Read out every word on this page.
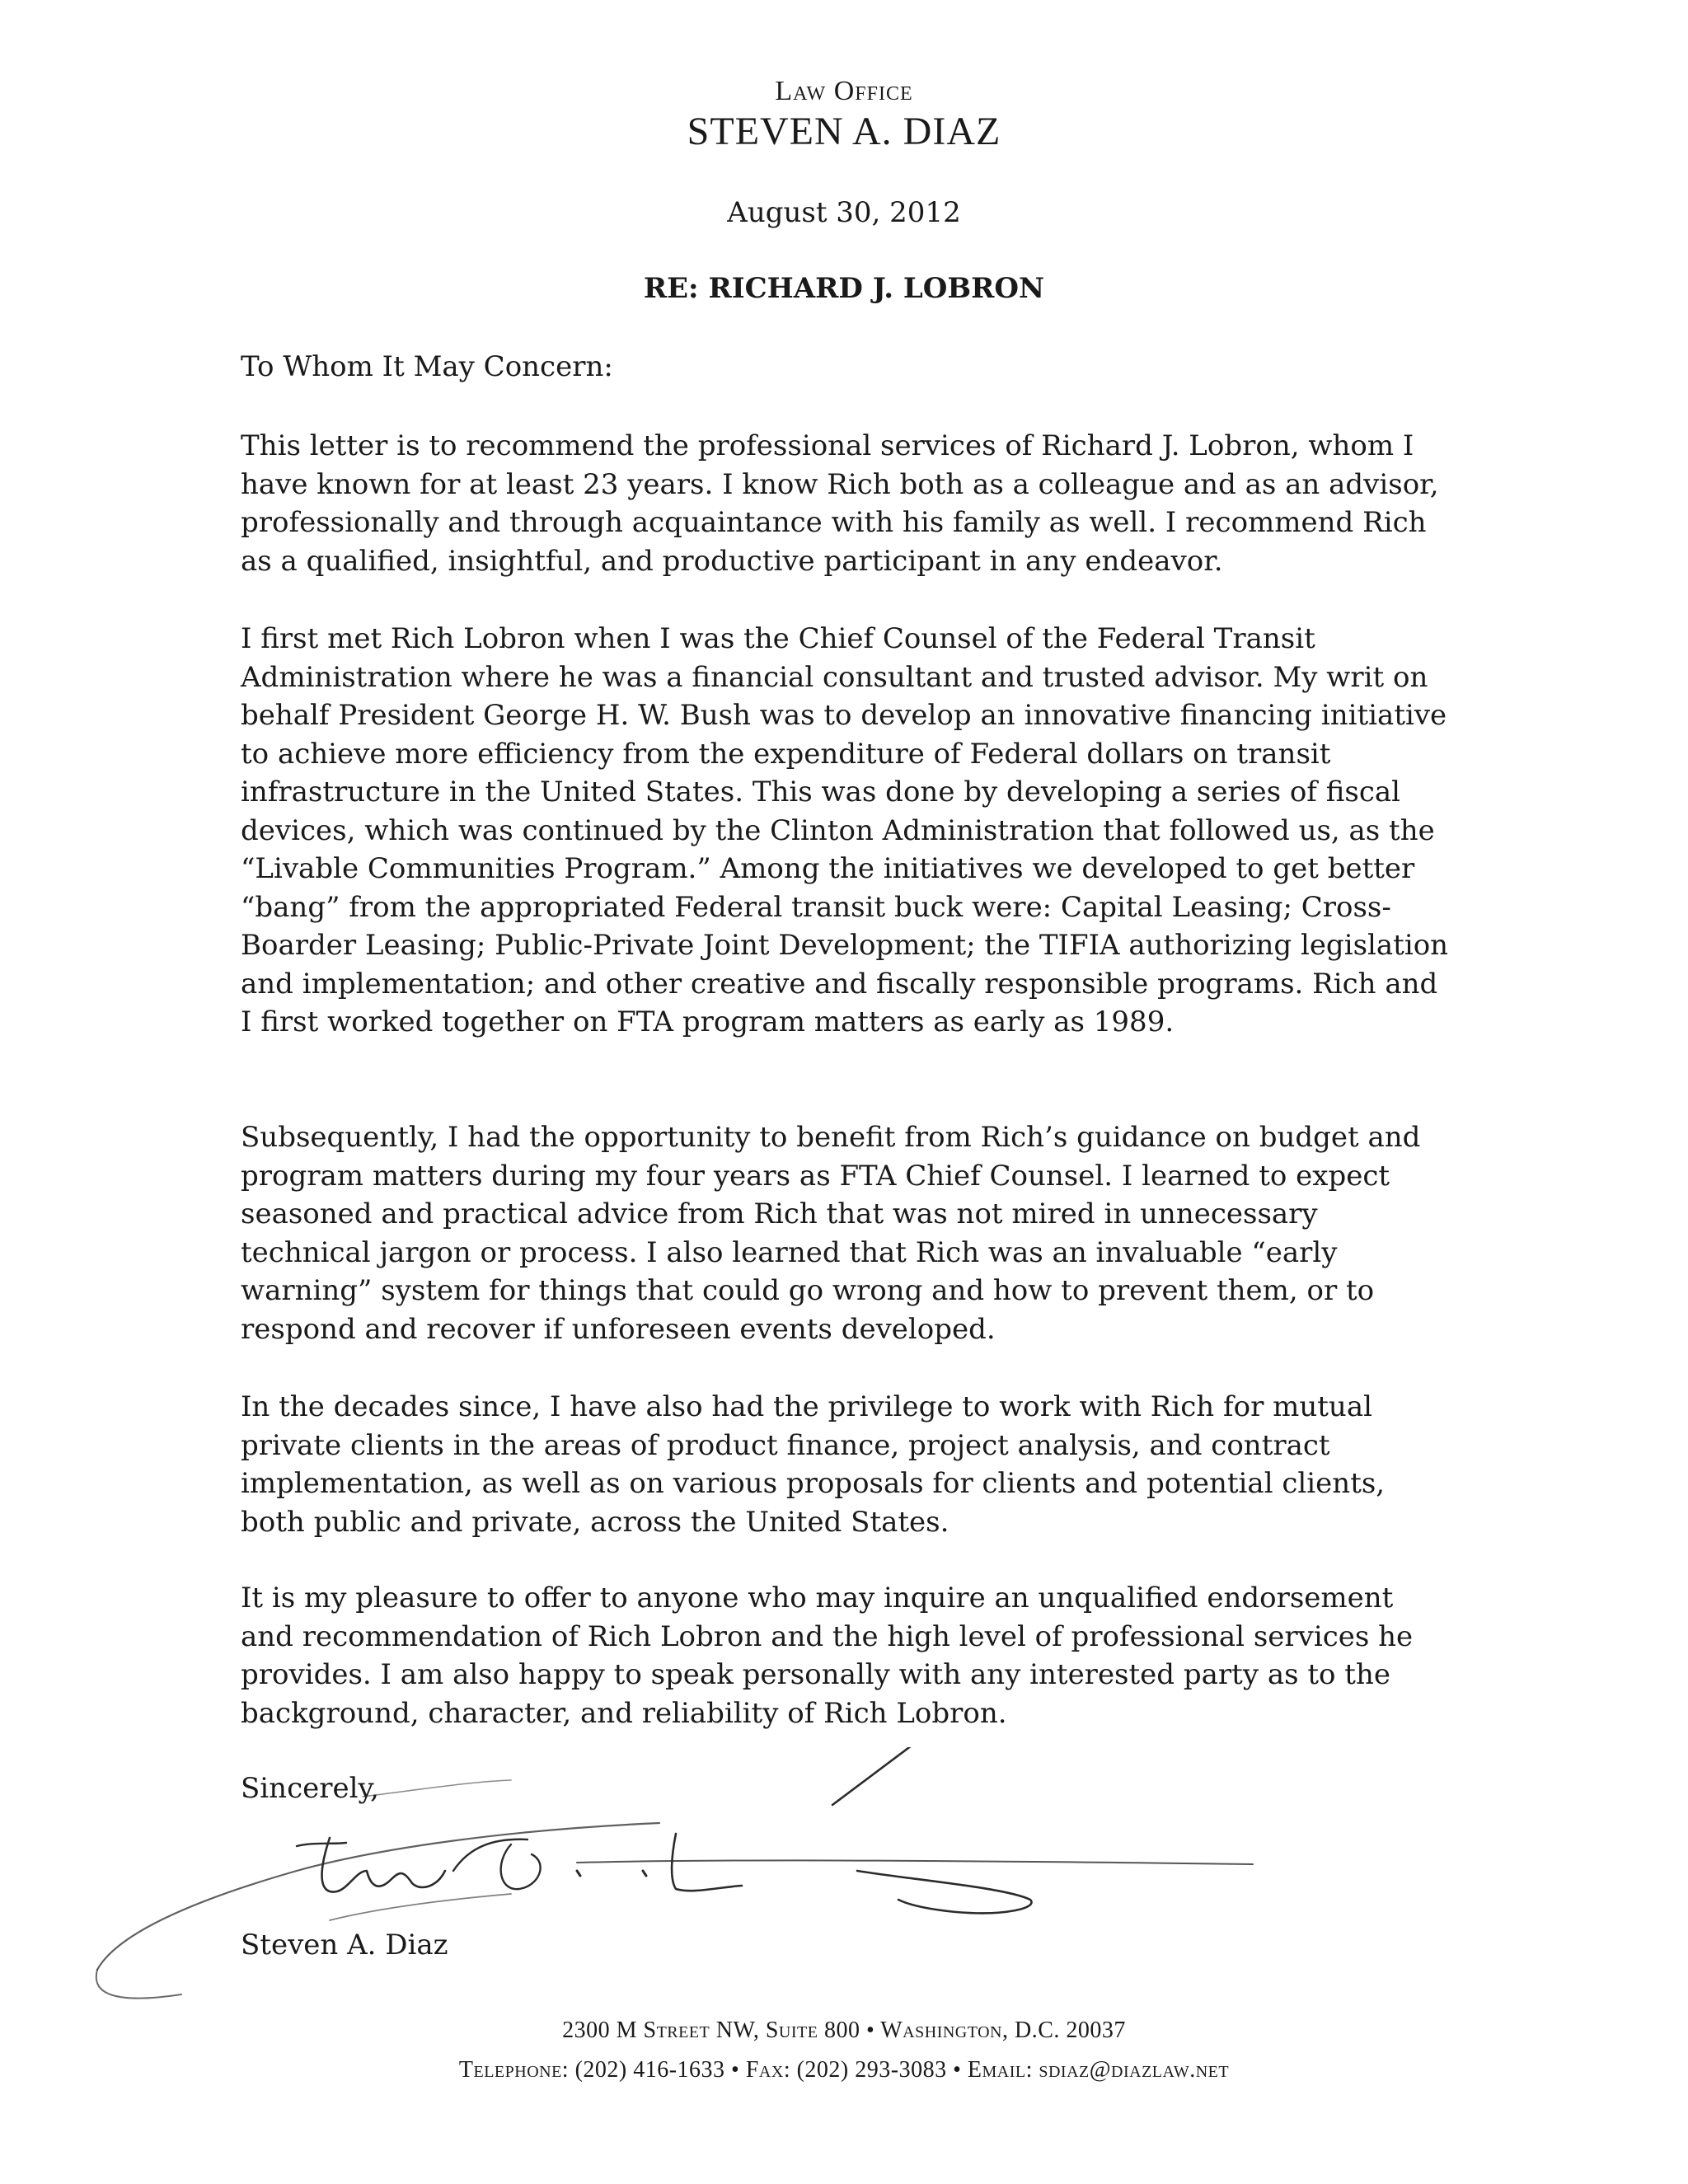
Law Office
STEVEN A. DIAZ
August 30, 2012
RE: RICHARD J. LOBRON
To Whom It May Concern:

This letter is to recommend the professional services of Richard J. Lobron, whom I have known for at least 23 years. I know Rich both as a colleague and as an advisor, professionally and through acquaintance with his family as well. I recommend Rich as a qualified, insightful, and productive participant in any endeavor.

I first met Rich Lobron when I was the Chief Counsel of the Federal Transit Administration where he was a financial consultant and trusted advisor. My writ on behalf President George H. W. Bush was to develop an innovative financing initiative to achieve more efficiency from the expenditure of Federal dollars on transit infrastructure in the United States. This was done by developing a series of fiscal devices, which was continued by the Clinton Administration that followed us, as the “Livable Communities Program.” Among the initiatives we developed to get better “bang” from the appropriated Federal transit buck were: Capital Leasing; Cross-Boarder Leasing; Public-Private Joint Development; the TIFIA authorizing legislation and implementation; and other creative and fiscally responsible programs. Rich and I first worked together on FTA program matters as early as 1989.

Subsequently, I had the opportunity to benefit from Rich’s guidance on budget and program matters during my four years as FTA Chief Counsel. I learned to expect seasoned and practical advice from Rich that was not mired in unnecessary technical jargon or process. I also learned that Rich was an invaluable “early warning” system for things that could go wrong and how to prevent them, or to respond and recover if unforeseen events developed.

In the decades since, I have also had the privilege to work with Rich for mutual private clients in the areas of product finance, project analysis, and contract implementation, as well as on various proposals for clients and potential clients, both public and private, across the United States.

It is my pleasure to offer to anyone who may inquire an unqualified endorsement and recommendation of Rich Lobron and the high level of professional services he provides. I am also happy to speak personally with any interested party as to the background, character, and reliability of Rich Lobron.

Sincerely,
Steven A. Diaz
2300 M Street NW, Suite 800 • Washington, D.C. 20037
Telephone: (202) 416-1633 • Fax: (202) 293-3083 • Email: sdiaz@diazlaw.net
